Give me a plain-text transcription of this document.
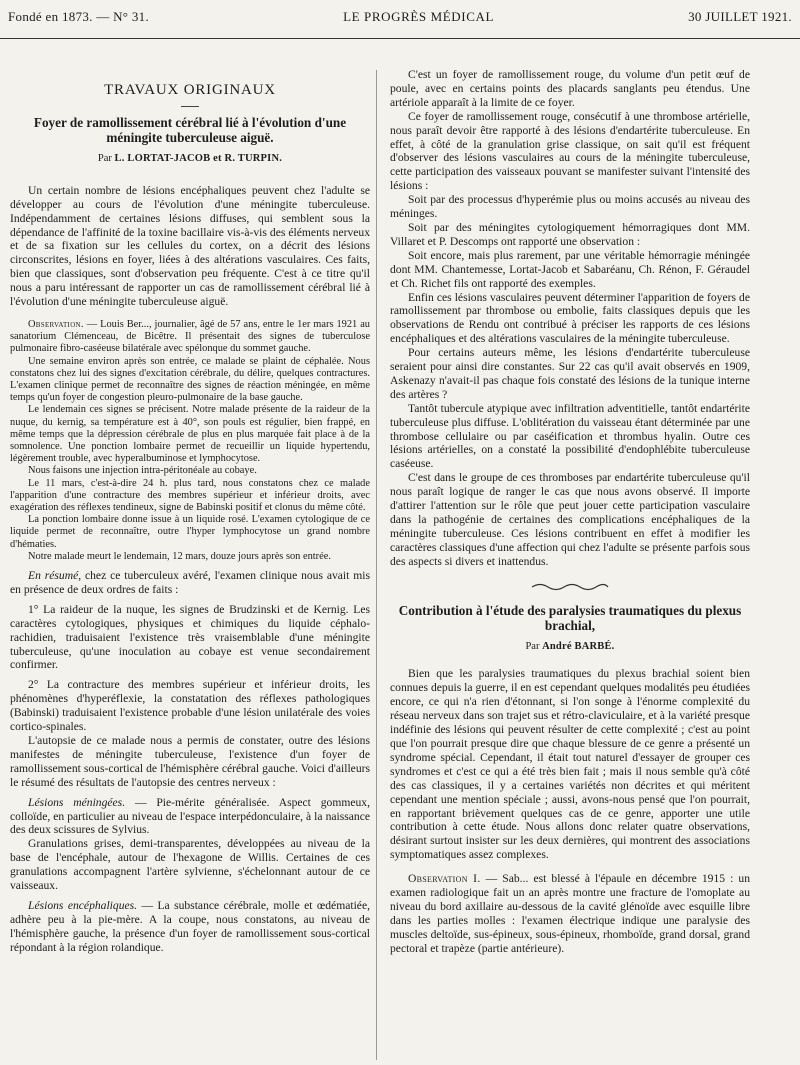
Fondé en 1873. — N° 31.	LE PROGRÈS MÉDICAL	30 JUILLET 1921.
TRAVAUX ORIGINAUX
Foyer de ramollissement cérébral lié à l'évolution d'une méningite tuberculeuse aiguë.
Par L. LORTAT-JACOB et R. TURPIN.

Un certain nombre de lésions encéphaliques peuvent chez l'adulte se développer au cours de l'évolution d'une méningite tuberculeuse. Indépendamment de certaines lésions diffuses, qui semblent sous la dépendance de l'affinité de la toxine bacillaire vis-à-vis des éléments nerveux et de sa fixation sur les cellules du cortex, on a décrit des lésions circonscrites, lésions en foyer, liées à des altérations vasculaires. Ces faits, bien que classiques, sont d'observation peu fréquente. C'est à ce titre qu'il nous a paru intéressant de rapporter un cas de ramollissement cérébral lié à l'évolution d'une méningite tuberculeuse aiguë.

Observation. — Louis Ber..., journalier, âgé de 57 ans, entre le 1er mars 1921 au sanatorium Clémenceau, de Bicêtre. Il présentait des signes de tuberculose pulmonaire fibro-caséeuse bilatérale avec spélonque du sommet gauche.

Une semaine environ après son entrée, ce malade se plaint de céphalée. Nous constatons chez lui des signes d'excitation cérébrale, du délire, quelques contractures. L'examen clinique permet de reconnaître des signes de réaction méningée, en même temps qu'un foyer de congestion pleuro-pulmonaire de la base gauche.

Le lendemain ces signes se précisent. Notre malade présente de la raideur de la nuque, du kernig, sa température est à 40°, son pouls est régulier, bien frappé, en même temps que la dépression cérébrale de plus en plus marquée fait place à de la somnolence. Une ponction lombaire permet de recueillir un liquide hypertendu, légèrement trouble, avec hyperalbuminose et lymphocytose.

Nous faisons une injection intra-péritonéale au cobaye.

Le 11 mars, c'est-à-dire 24 h. plus tard, nous constatons chez ce malade l'apparition d'une contracture des membres supérieur et inférieur droits, avec exagération des réflexes tendineux, signe de Babinski positif et clonus du même côté.

La ponction lombaire donne issue à un liquide rosé. L'examen cytologique de ce liquide permet de reconnaître, outre l'hyper lymphocytose un grand nombre d'hématies.

Notre malade meurt le lendemain, 12 mars, douze jours après son entrée.

En résumé, chez ce tuberculeux avéré, l'examen clinique nous avait mis en présence de deux ordres de faits :

1° La raideur de la nuque, les signes de Brudzinski et de Kernig. Les caractères cytologiques, physiques et chimiques du liquide céphalo-rachidien, traduisaient l'existence très vraisemblable d'une méningite tuberculeuse, qu'une inoculation au cobaye est venue secondairement confirmer.

2° La contracture des membres supérieur et inférieur droits, les phénomènes d'hyperéflexie, la constatation des réflexes pathologiques (Babinski) traduisaient l'existence probable d'une lésion unilatérale des voies cortico-spinales.

L'autopsie de ce malade nous a permis de constater, outre des lésions manifestes de méningite tuberculeuse, l'existence d'un foyer de ramollissement sous-cortical de l'hémisphère cérébral gauche. Voici d'ailleurs le résumé des résultats de l'autopsie des centres nerveux :

Lésions méningées. — Pie-mérite généralisée. Aspect gommeux, colloïde, en particulier au niveau de l'espace interpédonculaire, à la naissance des deux scissures de Sylvius.

Granulations grises, demi-transparentes, développées au niveau de la base de l'encéphale, autour de l'hexagone de Willis. Certaines de ces granulations accompagnent l'artère sylvienne, s'échelonnant autour de ce vaisseaux.

Lésions encéphaliques. — La substance cérébrale, molle et œdématiée, adhère peu à la pie-mère. A la coupe, nous constatons, au niveau de l'hémisphère gauche, la présence d'un foyer de ramollissement sous-cortical répondant à la région rolandique.

C'est un foyer de ramollissement rouge, du volume d'un petit œuf de poule, avec en certains points des placards sanglants peu étendus. Une artériole apparaît à la limite de ce foyer.

Ce foyer de ramollissement rouge, consécutif à une thrombose artérielle, nous paraît devoir être rapporté à des lésions d'endartérite tuberculeuse. En effet, à côté de la granulation grise classique, on sait qu'il est fréquent d'observer des lésions vasculaires au cours de la méningite tuberculeuse, cette participation des vaisseaux pouvant se manifester suivant l'intensité des lésions :

Soit par des processus d'hyperémie plus ou moins accusés au niveau des méninges.

Soit par des méningites cytologiquement hémorragiques dont MM. Villaret et P. Descomps ont rapporté une observation :

Soit encore, mais plus rarement, par une véritable hémorragie méningée dont MM. Chantemesse, Lortat-Jacob et Sabaréanu, Ch. Rénon, F. Géraudel et Ch. Richet fils ont rapporté des exemples.

Enfin ces lésions vasculaires peuvent déterminer l'apparition de foyers de ramollissement par thrombose ou embolie, faits classiques depuis que les observations de Rendu ont contribué à préciser les rapports de ces lésions encéphaliques et des altérations vasculaires de la méningite tuberculeuse.

Pour certains auteurs même, les lésions d'endartérite tuberculeuse seraient pour ainsi dire constantes. Sur 22 cas qu'il avait observés en 1909, Askenazy n'avait-il pas chaque fois constaté des lésions de la tunique interne des artères ?

Tantôt tubercule atypique avec infiltration adventitielle, tantôt endartérite tuberculeuse plus diffuse. L'oblitération du vaisseau étant déterminée par une thrombose cellulaire ou par caséification et thrombus hyalin. Outre ces lésions artérielles, on a constaté la possibilité d'endophlébite tuberculeuse caséeuse.

C'est dans le groupe de ces thromboses par endartérite tuberculeuse qu'il nous paraît logique de ranger le cas que nous avons observé. Il importe d'attirer l'attention sur le rôle que peut jouer cette participation vasculaire dans la pathogénie de certaines des complications encéphaliques de la méningite tuberculeuse. Ces lésions contribuent en effet à modifier les caractères classiques d'une affection qui chez l'adulte se présente parfois sous des aspects si divers et inattendus.

Contribution à l'étude des paralysies traumatiques du plexus brachial,
Par André BARBÉ.

Bien que les paralysies traumatiques du plexus brachial soient bien connues depuis la guerre, il en est cependant quelques modalités peu étudiées encore, ce qui n'a rien d'étonnant, si l'on songe à l'énorme complexité du réseau nerveux dans son trajet sus et rétro-claviculaire, et à la variété presque indéfinie des lésions qui peuvent résulter de cette complexité ; c'est au point que l'on pourrait presque dire que chaque blessure de ce genre a présenté un syndrome spécial. Cependant, il était tout naturel d'essayer de grouper ces syndromes et c'est ce qui a été très bien fait ; mais il nous semble qu'à côté des cas classiques, il y a certaines variétés non décrites et qui méritent cependant une mention spéciale ; aussi, avons-nous pensé que l'on pourrait, en rapportant brièvement quelques cas de ce genre, apporter une utile contribution à cette étude. Nous allons donc relater quatre observations, désirant surtout insister sur les deux dernières, qui montrent des associations symptomatiques assez complexes.

Observation I. — Sab... est blessé à l'épaule en décembre 1915 : un examen radiologique fait un an après montre une fracture de l'omoplate au niveau du bord axillaire au-dessous de la cavité glénoïde avec esquille libre dans les parties molles : l'examen électrique indique une paralysie des muscles deltoïde, sus-épineux, sous-épineux, rhomboïde, grand dorsal, grand pectoral et trapèze (partie antérieure).
